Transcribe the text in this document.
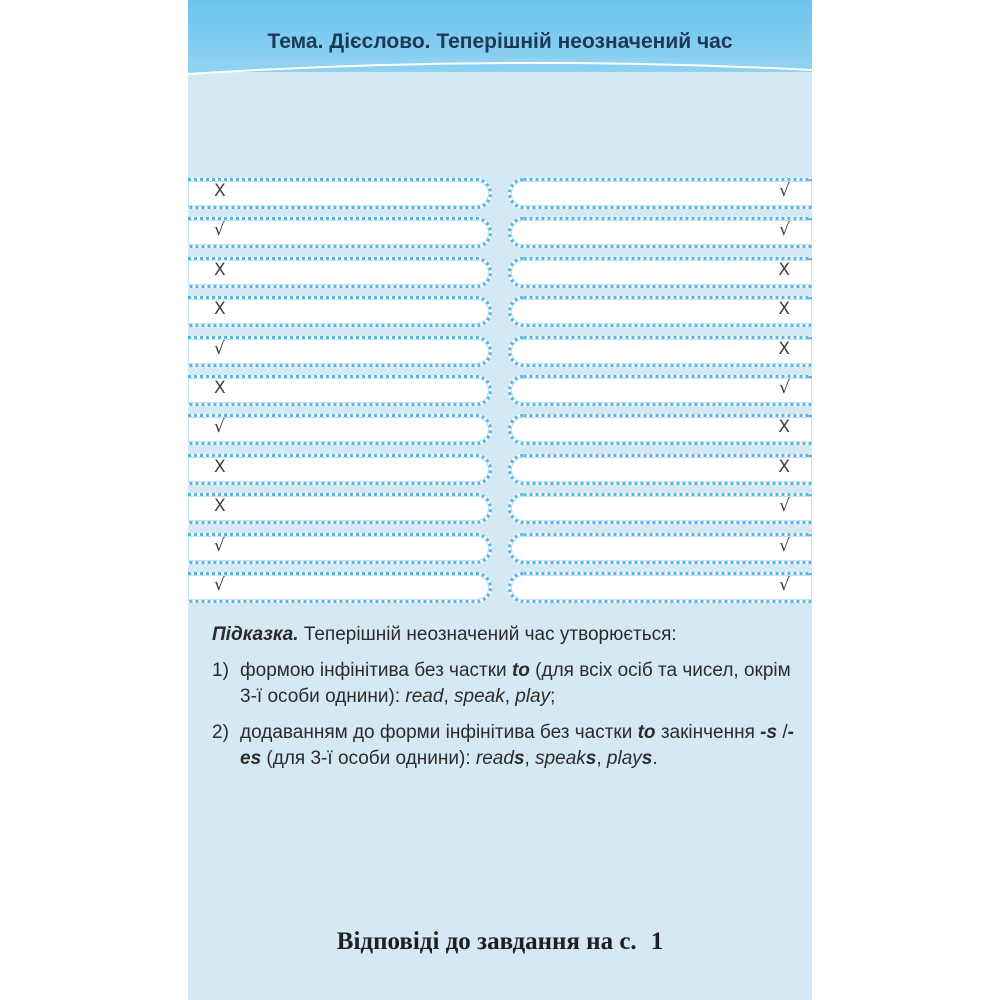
Тема. Дієслово. Теперішній неозначений час
Х
√
Х
Х
√
Х
√
Х
Х
√
√
√
√
Х
Х
Х
√
Х
Х
√
√
√
Підказка. Теперішній неозначений час утворюється:
1) формою інфінітива без частки to (для всіх осіб та чисел, окрім 3-ї особи однини): read, speak, play;
2) додаванням до форми інфінітива без частки to закінчення -s /-es (для 3-ї особи однини): reads, speaks, plays.
Відповіді до завдання на с. 1
